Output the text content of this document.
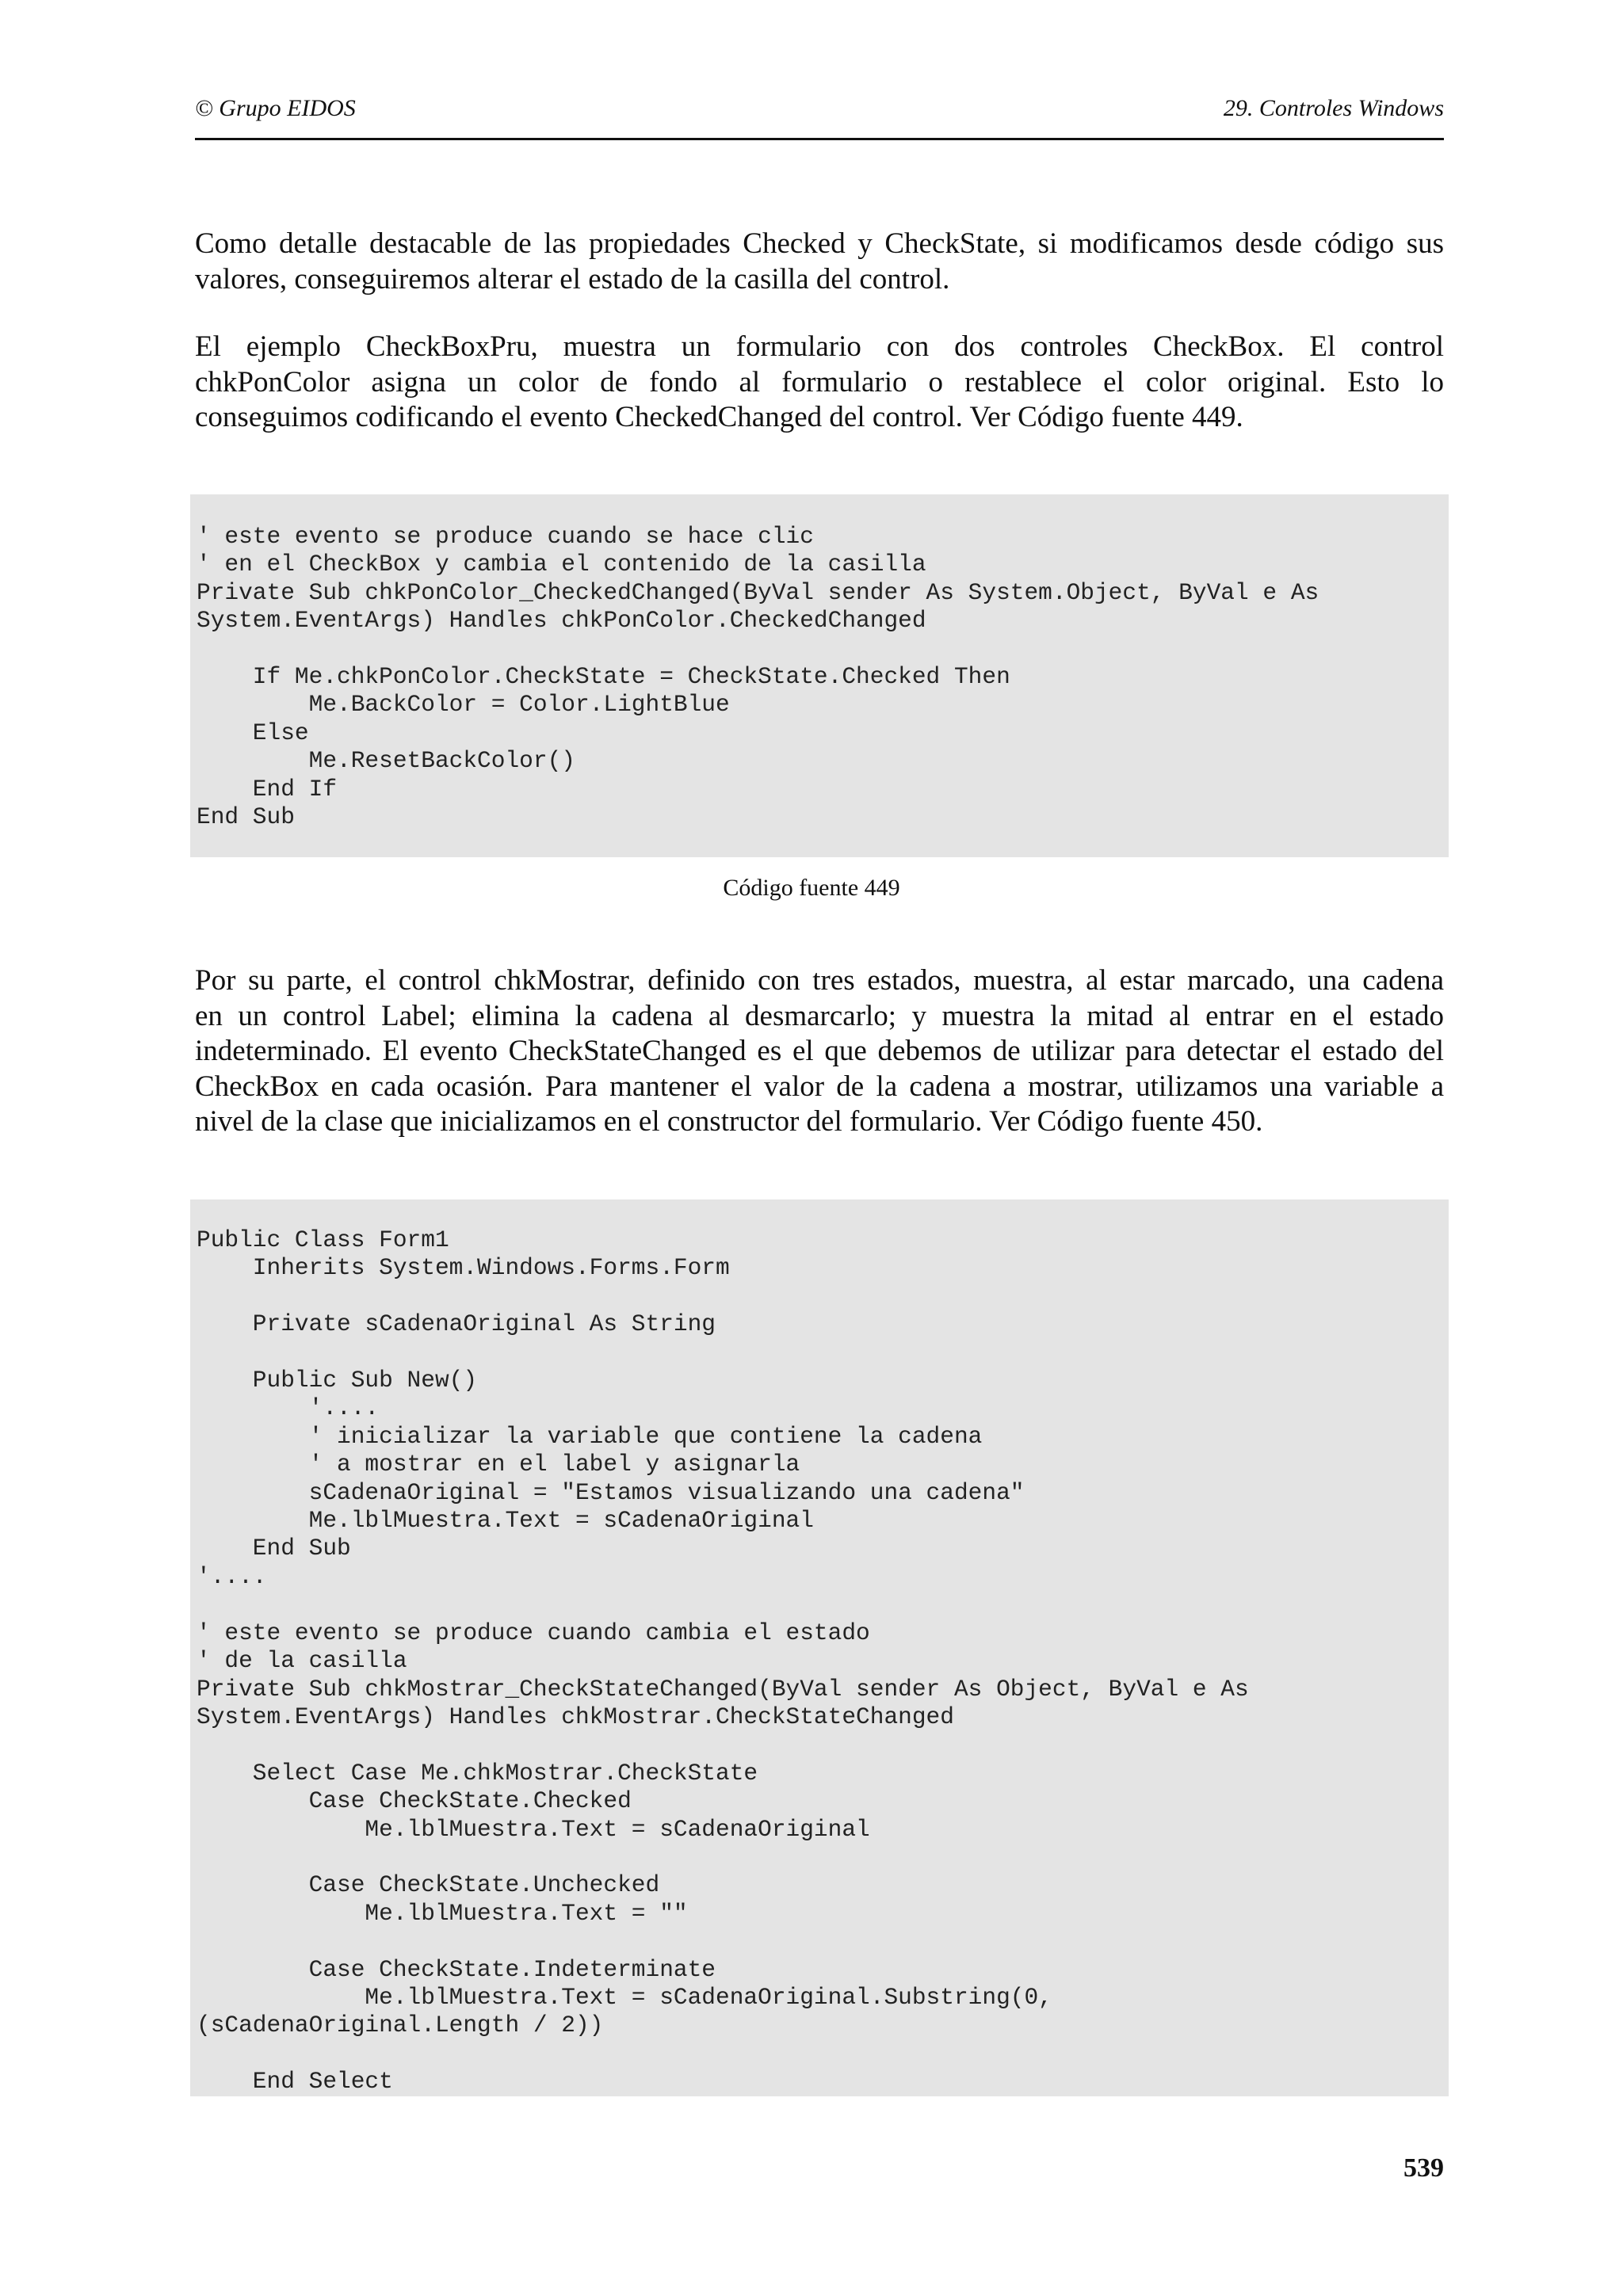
© Grupo EIDOS	29. Controles Windows
Como detalle destacable de las propiedades Checked y CheckState, si modificamos desde código sus
valores, conseguiremos alterar el estado de la casilla del control.
El ejemplo CheckBoxPru, muestra un formulario con dos controles CheckBox. El control
chkPonColor asigna un color de fondo al formulario o restablece el color original. Esto lo
conseguimos codificando el evento CheckedChanged del control. Ver Código fuente 449.
' este evento se produce cuando se hace clic
' en el CheckBox y cambia el contenido de la casilla
Private Sub chkPonColor_CheckedChanged(ByVal sender As System.Object, ByVal e As
System.EventArgs) Handles chkPonColor.CheckedChanged

If Me.chkPonColor.CheckState = CheckState.Checked Then
Me.BackColor = Color.LightBlue
Else
Me.ResetBackColor()
End If
End Sub
Código fuente 449
Por su parte, el control chkMostrar, definido con tres estados, muestra, al estar marcado, una cadena
en un control Label; elimina la cadena al desmarcarlo; y muestra la mitad al entrar en el estado
indeterminado. El evento CheckStateChanged es el que debemos de utilizar para detectar el estado del
CheckBox en cada ocasión. Para mantener el valor de la cadena a mostrar, utilizamos una variable a
nivel de la clase que inicializamos en el constructor del formulario. Ver Código fuente 450.
Public Class Form1
Inherits System.Windows.Forms.Form

Private sCadenaOriginal As String

Public Sub New()
'....
' inicializar la variable que contiene la cadena
' a mostrar en el label y asignarla
sCadenaOriginal = "Estamos visualizando una cadena"
Me.lblMuestra.Text = sCadenaOriginal
End Sub
'....

' este evento se produce cuando cambia el estado
' de la casilla
Private Sub chkMostrar_CheckStateChanged(ByVal sender As Object, ByVal e As
System.EventArgs) Handles chkMostrar.CheckStateChanged

Select Case Me.chkMostrar.CheckState
Case CheckState.Checked
Me.lblMuestra.Text = sCadenaOriginal

Case CheckState.Unchecked
Me.lblMuestra.Text = ""

Case CheckState.Indeterminate
Me.lblMuestra.Text = sCadenaOriginal.Substring(0,
(sCadenaOriginal.Length / 2))

End Select
539
